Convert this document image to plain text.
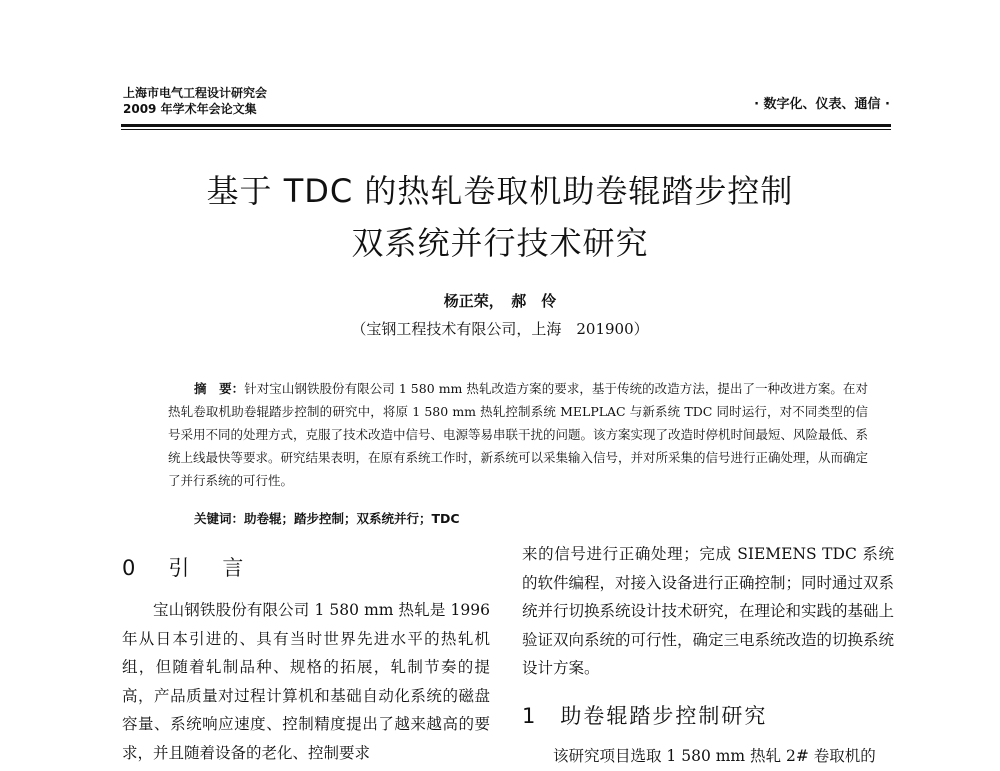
上海市电气工程设计研究会
2009 年学术年会论文集	· 数字化、仪表、通信 ·
基于 TDC 的热轧卷取机助卷辊踏步控制
双系统并行技术研究
杨正荣，　郝　伶
（宝钢工程技术有限公司，上海　201900）
摘　要：针对宝山钢铁股份有限公司 1 580 mm 热轧改造方案的要求，基于传统的改造方法，提出了一种改进方案。在对热轧卷取机助卷辊踏步控制的研究中，将原 1 580 mm 热轧控制系统 MELPLAC 与新系统 TDC 同时运行，对不同类型的信号采用不同的处理方式，克服了技术改造中信号、电源等易串联干扰的问题。该方案实现了改造时停机时间最短、风险最低、系统上线最快等要求。研究结果表明，在原有系统工作时，新系统可以采集输入信号，并对所采集的信号进行正确处理，从而确定了并行系统的可行性。
关键词：助卷辊；踏步控制；双系统并行；TDC
0　引　言
宝山钢铁股份有限公司 1 580 mm 热轧是 1996 年从日本引进的、具有当时世界先进水平的热轧机组，但随着轧制品种、规格的拓展，轧制节奏的提高，产品质量对过程计算机和基础自动化系统的磁盘容量、系统响应速度、控制精度提出了越来越高的要求，并且随着设备的老化、控制要求
来的信号进行正确处理；完成 SIEMENS TDC 系统的软件编程，对接入设备进行正确控制；同时通过双系统并行切换系统设计技术研究，在理论和实践的基础上验证双向系统的可行性，确定三电系统改造的切换系统设计方案。
1　助卷辊踏步控制研究
该研究项目选取 1 580 mm 热轧 2# 卷取机的
